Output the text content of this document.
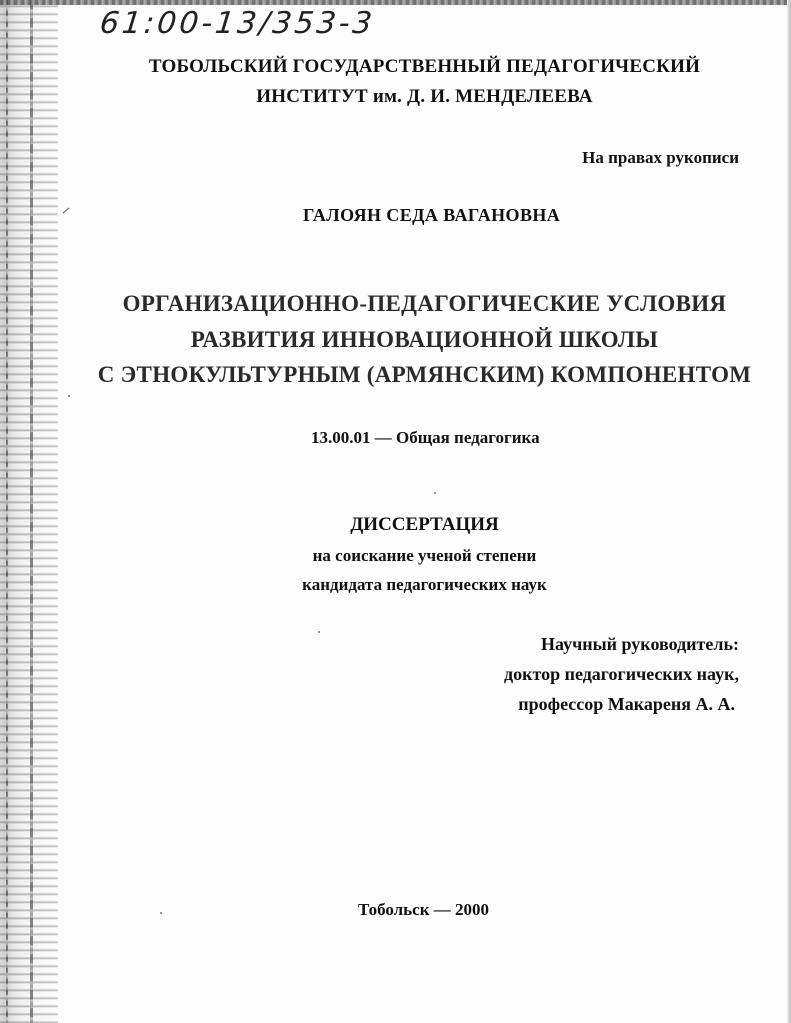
61:00-13/353-3
ТОБОЛЬСКИЙ ГОСУДАРСТВЕННЫЙ ПЕДАГОГИЧЕСКИЙ
ИНСТИТУТ им. Д. И. МЕНДЕЛЕЕВА
На правах рукописи
ГАЛОЯН СЕДА ВАГАНОВНА
ОРГАНИЗАЦИОННО-ПЕДАГОГИЧЕСКИЕ УСЛОВИЯ
РАЗВИТИЯ ИННОВАЦИОННОЙ ШКОЛЫ
С ЭТНОКУЛЬТУРНЫМ (АРМЯНСКИМ) КОМПОНЕНТОМ
13.00.01 — Общая педагогика
ДИССЕРТАЦИЯ
на соискание ученой степени
кандидата педагогических наук
Научный руководитель:
доктор педагогических наук,
профессор Макареня А. А.
Тобольск — 2000
